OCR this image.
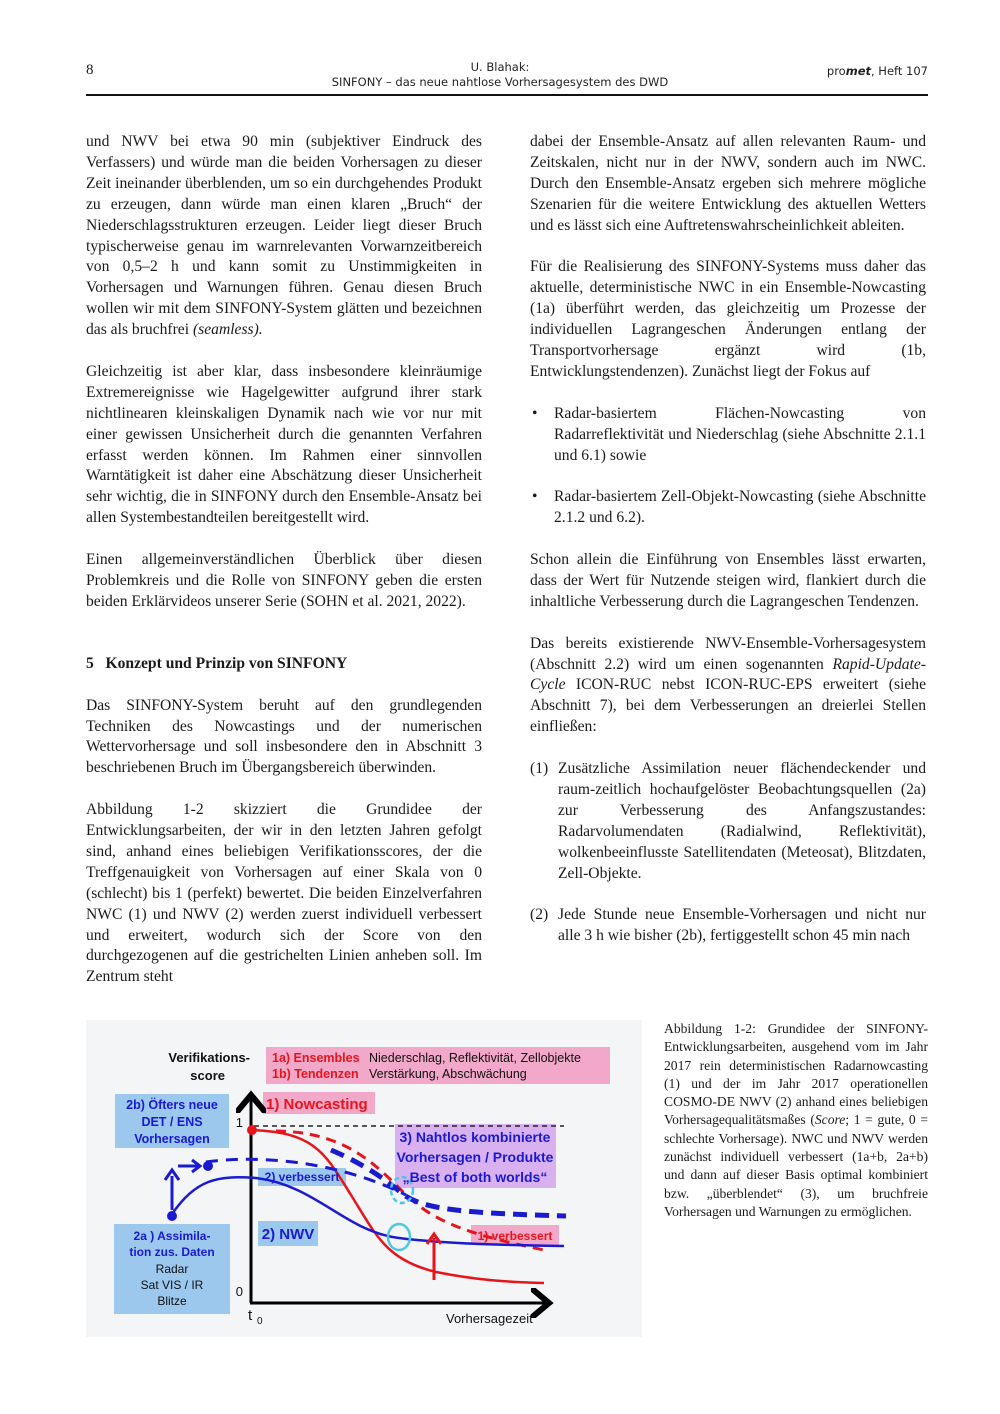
8	U. Blahak:
SINFONY – das neue nahtlose Vorhersagesystem des DWD
promet, Heft 107

und NWV bei etwa 90 min (subjektiver Eindruck des Verfassers) und würde man die beiden Vorhersagen zu dieser Zeit ineinander überblenden, um so ein durchgehendes Produkt zu erzeugen, dann würde man einen klaren „Bruch“ der Niederschlagsstrukturen erzeugen. Leider liegt dieser Bruch typischerweise genau im warnrelevanten Vorwarnzeitbereich von 0,5–2 h und kann somit zu Unstimmigkeiten in Vorhersagen und Warnungen führen. Genau diesen Bruch wollen wir mit dem SINFONY-System glätten und bezeichnen das als bruchfrei (seamless).

Gleichzeitig ist aber klar, dass insbesondere kleinräumige Extremereignisse wie Hagelgewitter aufgrund ihrer stark nichtlinearen kleinskaligen Dynamik nach wie vor nur mit einer gewissen Unsicherheit durch die genannten Verfahren erfasst werden können. Im Rahmen einer sinnvollen Warntätigkeit ist daher eine Abschätzung dieser Unsicherheit sehr wichtig, die in SINFONY durch den Ensemble-Ansatz bei allen Systembestandteilen bereitgestellt wird.

Einen allgemeinverständlichen Überblick über diesen Problemkreis und die Rolle von SINFONY geben die ersten beiden Erklärvideos unserer Serie (SOHN et al. 2021, 2022).

5   Konzept und Prinzip von SINFONY

Das SINFONY-System beruht auf den grundlegenden Techniken des Nowcastings und der numerischen Wettervorhersage und soll insbesondere den in Abschnitt 3 beschriebenen Bruch im Übergangsbereich überwinden.

Abbildung 1-2 skizziert die Grundidee der Entwicklungsarbeiten, der wir in den letzten Jahren gefolgt sind, anhand eines beliebigen Verifikationsscores, der die Treffgenauigkeit von Vorhersagen auf einer Skala von 0 (schlecht) bis 1 (perfekt) bewertet. Die beiden Einzelverfahren NWC (1) und NWV (2) werden zuerst individuell verbessert und erweitert, wodurch sich der Score von den durchgezogenen auf die gestrichelten Linien anheben soll. Im Zentrum steht

dabei der Ensemble-Ansatz auf allen relevanten Raum- und Zeitskalen, nicht nur in der NWV, sondern auch im NWC. Durch den Ensemble-Ansatz ergeben sich mehrere mögliche Szenarien für die weitere Entwicklung des aktuellen Wetters und es lässt sich eine Auftretenswahrscheinlichkeit ableiten.

Für die Realisierung des SINFONY-Systems muss daher das aktuelle, deterministische NWC in ein Ensemble-Nowcasting (1a) überführt werden, das gleichzeitig um Prozesse der individuellen Lagrangeschen Änderungen entlang der Transportvorhersage ergänzt wird (1b, Entwicklungstendenzen). Zunächst liegt der Fokus auf

• Radar-basiertem Flächen-Nowcasting von Radarreflektivität und Niederschlag (siehe Abschnitte 2.1.1 und 6.1) sowie
• Radar-basiertem Zell-Objekt-Nowcasting (siehe Abschnitte 2.1.2 und 6.2).

Schon allein die Einführung von Ensembles lässt erwarten, dass der Wert für Nutzende steigen wird, flankiert durch die inhaltliche Verbesserung durch die Lagrangeschen Tendenzen.

Das bereits existierende NWV-Ensemble-Vorhersagesystem (Abschnitt 2.2) wird um einen sogenannten Rapid-Update-Cycle ICON-RUC nebst ICON-RUC-EPS erweitert (siehe Abschnitt 7), bei dem Verbesserungen an dreierlei Stellen einfließen:

(1) Zusätzliche Assimilation neuer flächendeckender und raum-zeitlich hochaufgelöster Beobachtungsquellen (2a) zur Verbesserung des Anfangszustandes: Radarvolumendaten (Radialwind, Reflektivität), wolkenbeeinflusste Satellitendaten (Meteosat), Blitzdaten, Zell-Objekte.
(2) Jede Stunde neue Ensemble-Vorhersagen und nicht nur alle 3 h wie bisher (2b), fertiggestellt schon 45 min nach
Verifikations-
score
1
0
t 0	Vorhersagezeit
1a) Ensembles Niederschlag, Reflektivität, Zellobjekte
1b) Tendenzen Verstärkung, Abschwächung
1) Nowcasting
2b) Öfters neue
DET / ENS
Vorhersagen	3) Nahtlos kombinierte
Vorhersagen / Produkte
„Best of both worlds“
2) verbessert
2) NWV	1) verbessert
2a ) Assimila-
tion zus. Daten
Radar
Sat VIS / IR
Blitze
Abbildung 1-2: Grundidee der SINFONY-Entwicklungsarbeiten, ausgehend vom im Jahr 2017 rein deterministischen Radarnowcasting (1) und der im Jahr 2017 operationellen COSMO-DE NWV (2) anhand eines beliebigen Vorhersagequalitätsmaßes (Score; 1 = gute, 0 = schlechte Vorhersage). NWC und NWV werden zunächst individuell verbessert (1a+b, 2a+b) und dann auf dieser Basis optimal kombiniert bzw. „überblendet“ (3), um bruchfreie Vorhersagen und Warnungen zu ermöglichen.
